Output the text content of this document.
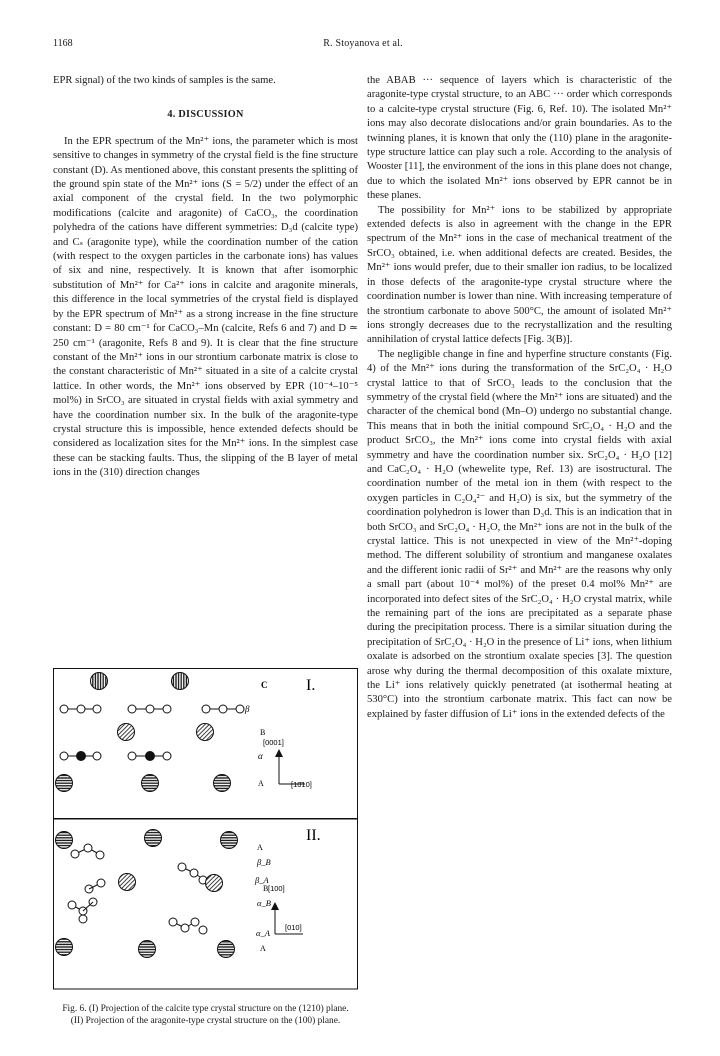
1168	R. Stoyanova et al.

EPR signal) of the two kinds of samples is the same.

4. DISCUSSION

In the EPR spectrum of the Mn²⁺ ions, the parameter which is most sensitive to changes in symmetry of the crystal field is the fine structure constant (D). As mentioned above, this constant presents the splitting of the ground spin state of the Mn²⁺ ions (S = 5/2) under the effect of an axial component of the crystal field. In the two polymorphic modifications (calcite and aragonite) of CaCO₃, the coordination polyhedra of the cations have different symmetries: D₃d (calcite type) and Cₛ (aragonite type), while the coordination number of the cation (with respect to the oxygen particles in the carbonate ions) has values of six and nine, respectively. It is known that after isomorphic substitution of Mn²⁺ for Ca²⁺ ions in calcite and aragonite minerals, this difference in the local symmetries of the crystal field is displayed by the EPR spectrum of Mn²⁺ as a strong increase in the fine structure constant: D = 80 cm⁻¹ for CaCO₃–Mn (calcite, Refs 6 and 7) and D ≃ 250 cm⁻¹ (aragonite, Refs 8 and 9). It is clear that the fine structure constant of the Mn²⁺ ions in our strontium carbonate matrix is close to the constant characteristic of Mn²⁺ situated in a site of a calcite crystal lattice. In other words, the Mn²⁺ ions observed by EPR (10⁻⁴–10⁻⁵ mol%) in SrCO₃ are situated in crystal fields with axial symmetry and have the coordination number six. In the bulk of the aragonite-type crystal structure this is impossible, hence extended defects should be considered as localization sites for the Mn²⁺ ions. In the simplest case these can be stacking faults. Thus, the slipping of the B layer of metal ions in the (310) direction changes

C I.
β
B
α
A
[0001]
[10̄10]
II.
A
β_B
β_A
B [100]
α_B
[010]
α_A
A
Fig. 6. (I) Projection of the calcite type crystal structure on the (1210) plane. (II) Projection of the aragonite-type crystal structure on the (100) plane.

the ABAB ··· sequence of layers which is characteristic of the aragonite-type crystal structure, to an ABC ··· order which corresponds to a calcite-type crystal structure (Fig. 6, Ref. 10). The isolated Mn²⁺ ions may also decorate dislocations and/or grain boundaries. As to the twinning planes, it is known that only the (110) plane in the aragonite-type structure lattice can play such a role. According to the analysis of Wooster [11], the environment of the ions in this plane does not change, due to which the isolated Mn²⁺ ions observed by EPR cannot be in these planes.

The possibility for Mn²⁺ ions to be stabilized by appropriate extended defects is also in agreement with the change in the EPR spectrum of the Mn²⁺ ions in the case of mechanical treatment of the SrCO₃ obtained, i.e. when additional defects are created. Besides, the Mn²⁺ ions would prefer, due to their smaller ion radius, to be localized in those defects of the aragonite-type crystal structure where the coordination number is lower than nine. With increasing temperature of the strontium carbonate to above 500°C, the amount of isolated Mn²⁺ ions strongly decreases due to the recrystallization and the resulting annihilation of crystal lattice defects [Fig. 3(B)].

The negligible change in fine and hyperfine structure constants (Fig. 4) of the Mn²⁺ ions during the transformation of the SrC₂O₄ · H₂O crystal lattice to that of SrCO₃ leads to the conclusion that the symmetry of the crystal field (where the Mn²⁺ ions are situated) and the character of the chemical bond (Mn–O) undergo no substantial change. This means that in both the initial compound SrC₂O₄ · H₂O and the product SrCO₃, the Mn²⁺ ions come into crystal fields with axial symmetry and have the coordination number six. SrC₂O₄ · H₂O [12] and CaC₂O₄ · H₂O (whewelite type, Ref. 13) are isostructural. The coordination number of the metal ion in them (with respect to the oxygen particles in C₂O₄²⁻ and H₂O) is six, but the symmetry of the coordination polyhedron is lower than D₃d. This is an indication that in both SrCO₃ and SrC₂O₄ · H₂O, the Mn²⁺ ions are not in the bulk of the crystal lattice. This is not unexpected in view of the Mn²⁺-doping method. The different solubility of strontium and manganese oxalates and the different ionic radii of Sr²⁺ and Mn²⁺ are the reasons why only a small part (about 10⁻⁴ mol%) of the preset 0.4 mol% Mn²⁺ are incorporated into defect sites of the SrC₂O₄ · H₂O crystal matrix, while the remaining part of the ions are precipitated as a separate phase during the precipitation process. There is a similar situation during the precipitation of SrC₂O₄ · H₂O in the presence of Li⁺ ions, when lithium oxalate is adsorbed on the strontium oxalate species [3]. The question arose why during the thermal decomposition of this oxalate mixture, the Li⁺ ions relatively quickly penetrated (at isothermal heating at 530°C) into the strontium carbonate matrix. This fact can now be explained by faster diffusion of Li⁺ ions in the extended defects of the
